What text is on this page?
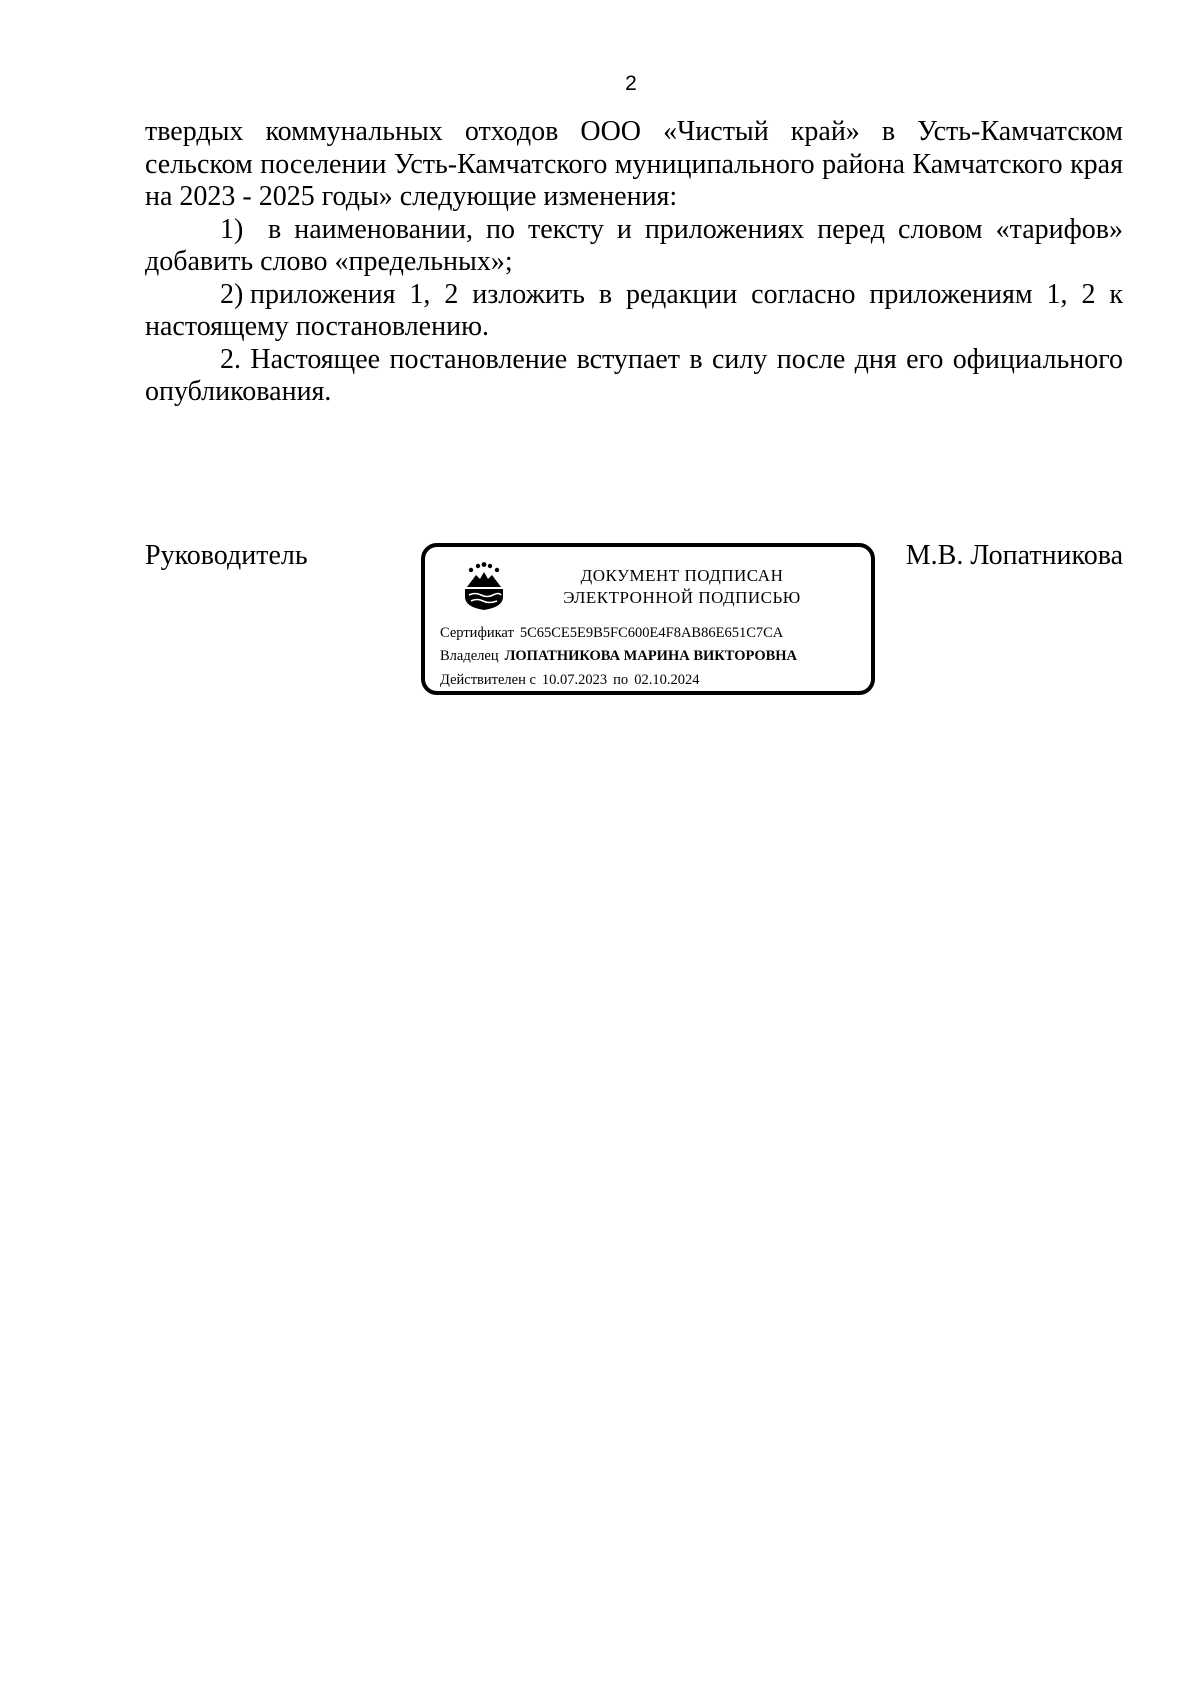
2

твердых коммунальных отходов ООО «Чистый край» в Усть-Камчатском сельском поселении Усть-Камчатского муниципального района Камчатского края на 2023 - 2025 годы» следующие изменения:

1) в наименовании, по тексту и приложениях перед словом «тарифов» добавить слово «предельных»;

2) приложения 1, 2 изложить в редакции согласно приложениям 1, 2 к настоящему постановлению.

2. Настоящее постановление вступает в силу после дня его официального опубликования.

Руководитель	М.В. Лопатникова
ДОКУМЕНТ ПОДПИСАН
ЭЛЕКТРОННОЙ ПОДПИСЬЮ
Сертификат 5C65CE5E9B5FC600E4F8AB86E651C7CA
Владелец ЛОПАТНИКОВА МАРИНА ВИКТОРОВНА
Действителен с 10.07.2023 по 02.10.2024
